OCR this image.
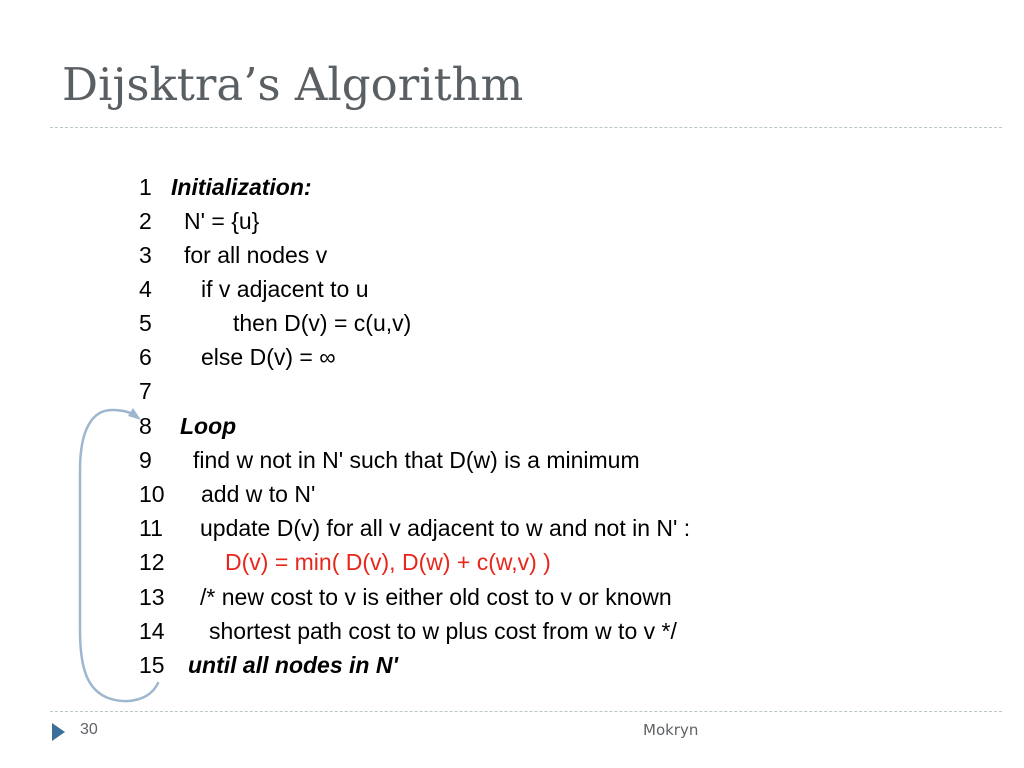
Dijsktra’s Algorithm
1 Initialization:
2 N' = {u}
3 for all nodes v
4 if v adjacent to u
5	then D(v) = c(u,v)
6 else D(v) = ∞
7
8 Loop
9 find w not in N' such that D(w) is a minimum
10 add w to N'
11 update D(v) for all v adjacent to w and not in N' :
12	D(v) = min( D(v), D(w) + c(w,v) )
13 /* new cost to v is either old cost to v or known
14 shortest path cost to w plus cost from w to v */
15 until all nodes in N'
30	Mokryn
